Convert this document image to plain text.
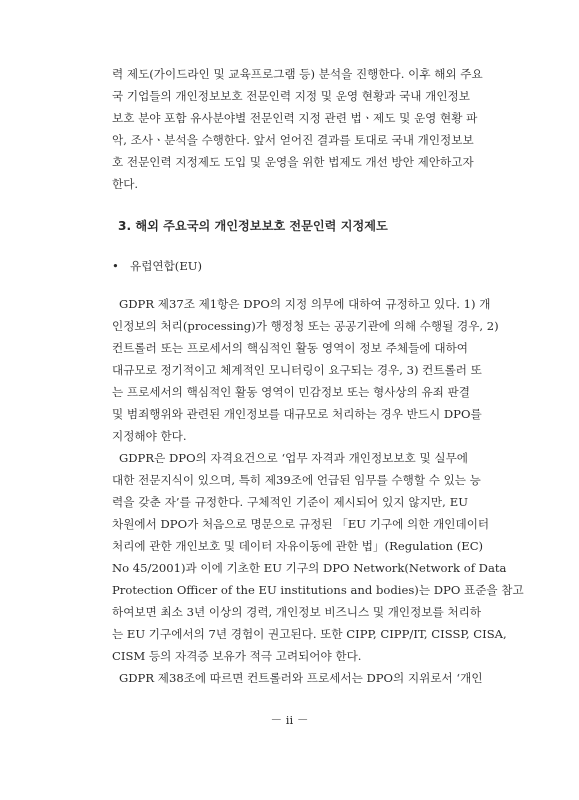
력 제도(가이드라인 및 교육프로그램 등) 분석을 진행한다. 이후 해외 주요
국 기업들의 개인정보보호 전문인력 지정 및 운영 현황과 국내 개인정보
보호 분야 포함 유사분야별 전문인력 지정 관련 법ㆍ제도 및 운영 현황 파
악, 조사ㆍ분석을 수행한다. 앞서 얻어진 결과를 토대로 국내 개인정보보
호 전문인력 지정제도 도입 및 운영을 위한 법제도 개선 방안 제안하고자
한다.
3. 해외 주요국의 개인정보보호 전문인력 지정제도
• 유럽연합(EU)
GDPR 제37조 제1항은 DPO의 지정 의무에 대하여 규정하고 있다. 1) 개
인정보의 처리(processing)가 행정청 또는 공공기관에 의해 수행될 경우, 2)
컨트롤러 또는 프로세서의 핵심적인 활동 영역이 정보 주체들에 대하여
대규모로 정기적이고 체계적인 모니터링이 요구되는 경우, 3) 컨트롤러 또
는 프로세서의 핵심적인 활동 영역이 민감정보 또는 형사상의 유죄 판결
및 범죄행위와 관련된 개인정보를 대규모로 처리하는 경우 반드시 DPO를
지정해야 한다.
GDPR은 DPO의 자격요건으로 ‘업무 자격과 개인정보보호 및 실무에
대한 전문지식이 있으며, 특히 제39조에 언급된 임무를 수행할 수 있는 능
력을 갖춘 자’를 규정한다. 구체적인 기준이 제시되어 있지 않지만, EU
차원에서 DPO가 처음으로 명문으로 규정된 「EU 기구에 의한 개인데이터
처리에 관한 개인보호 및 데이터 자유이동에 관한 법」(Regulation (EC)
No 45/2001)과 이에 기초한 EU 기구의 DPO Network(Network of Data
Protection Officer of the EU institutions and bodies)는 DPO 표준을 참고
하여보면 최소 3년 이상의 경력, 개인정보 비즈니스 및 개인정보를 처리하
는 EU 기구에서의 7년 경험이 권고된다. 또한 CIPP, CIPP/IT, CISSP, CISA,
CISM 등의 자격증 보유가 적극 고려되어야 한다.
GDPR 제38조에 따르면 컨트롤러와 프로세서는 DPO의 지위로서 ‘개인
－ ii －
